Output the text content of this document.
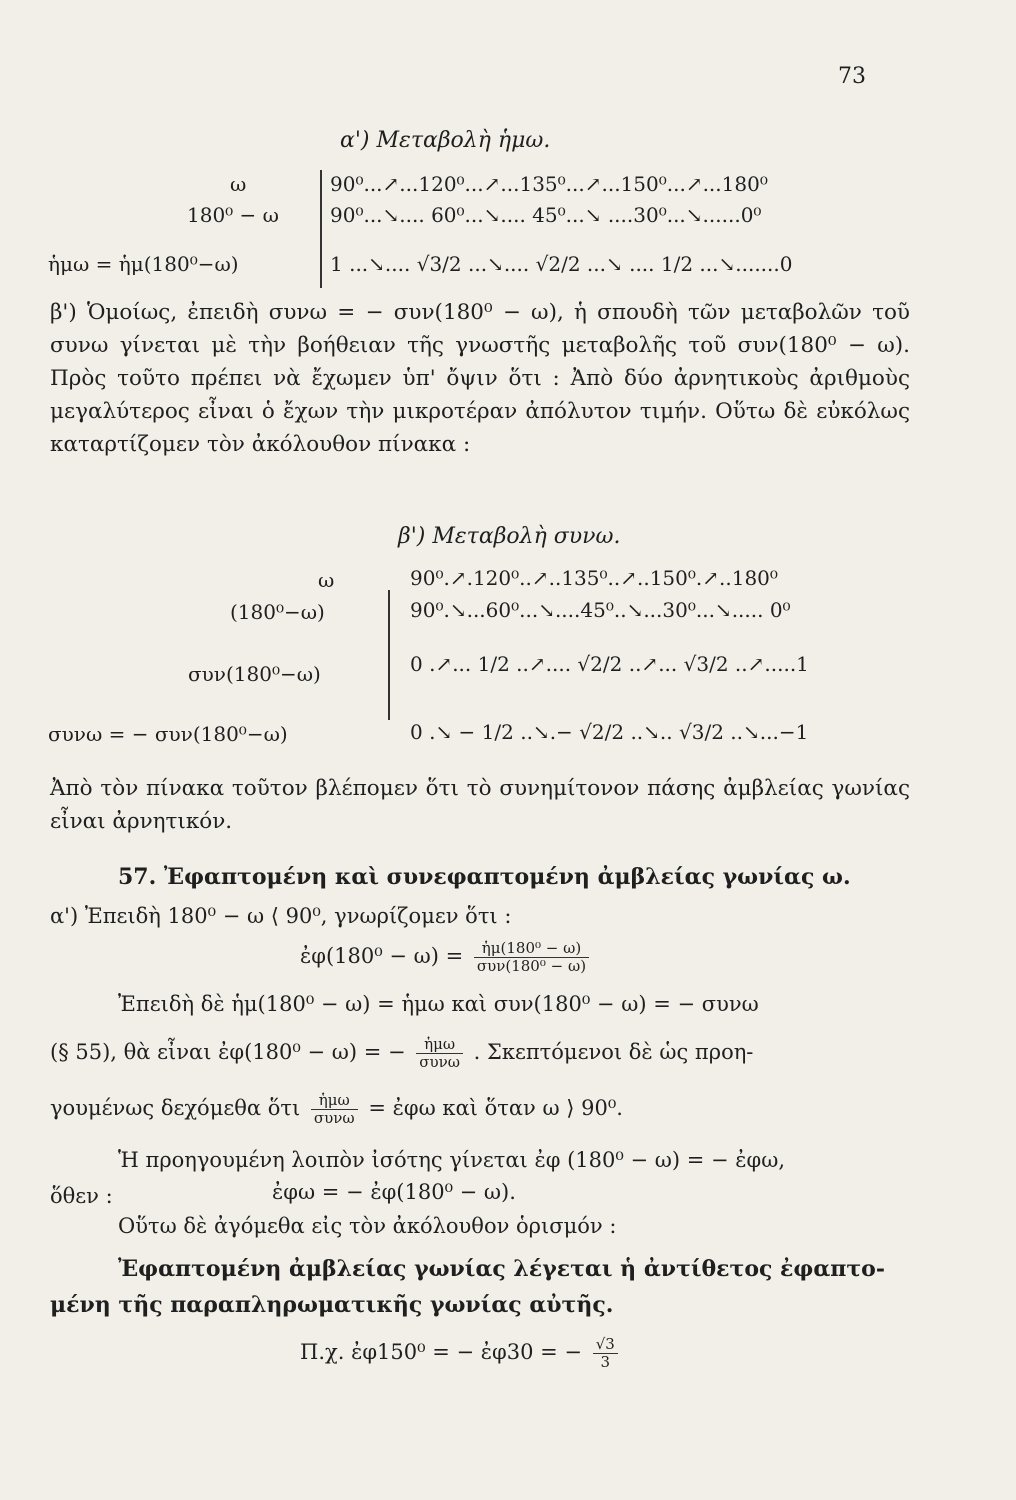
73
α') Μεταβολὴ ἡμω.
ω
180⁰ − ω
ἡμω = ἡμ(180⁰−ω)
90⁰...↗...120⁰...↗...135⁰...↗...150⁰...↗...180⁰
90⁰...↘.... 60⁰...↘.... 45⁰...↘ ....30⁰...↘......0⁰
1 ...↘.... √3/2 ...↘.... √2/2 ...↘ .... 1/2 ...↘.......0
β') Ὁμοίως, ἐπειδὴ συνω = − συν(180⁰ − ω), ἡ σπουδὴ τῶν μεταβολῶν τοῦ συνω γίνεται μὲ τὴν βοήθειαν τῆς γνωστῆς μεταβολῆς τοῦ συν(180⁰ − ω). Πρὸς τοῦτο πρέπει νὰ ἔχωμεν ὑπ' ὄψιν ὅτι : Ἀπὸ δύο ἀρνητικοὺς ἀριθμοὺς μεγαλύτερος εἶναι ὁ ἔχων τὴν μικροτέραν ἀπόλυτον τιμήν. Οὕτω δὲ εὐκόλως καταρτίζομεν τὸν ἀκόλουθον πίνακα :
β') Μεταβολὴ συνω.
ω
(180⁰−ω)
συν(180⁰−ω)
συνω = − συν(180⁰−ω)
90⁰.↗.120⁰..↗..135⁰..↗..150⁰.↗..180⁰
90⁰.↘...60⁰...↘....45⁰..↘...30⁰...↘..... 0⁰
0 .↗... 1/2 ..↗.... √2/2 ..↗... √3/2 ..↗.....1
0 .↘ − 1/2 ..↘.− √2/2 ..↘.. √3/2 ..↘...−1
Ἀπὸ τὸν πίνακα τοῦτον βλέπομεν ὅτι τὸ συνημίτονον πάσης ἀμβλείας γωνίας εἶναι ἀρνητικόν.
57. Ἐφαπτομένη καὶ συνεφαπτομένη ἀμβλείας γωνίας ω.
α') Ἐπειδὴ 180⁰ − ω ⟨ 90⁰, γνωρίζομεν ὅτι :
ἐφ(180⁰ − $\omega) = \frac{\text{ἡμ(180⁰ − ω)}}{\text{συν(180⁰ − ω)}}$
Ἐπειδὴ δὲ ἡμ(180⁰ − ω) = ἡμω καὶ συν(180⁰ − ω) = − συνω
(§ 55), θὰ εἶναι ἐφ(180⁰ − ω) = − $\frac{\text{ἡμω}}{\text{συνω}}$ . Σκεπτόμενοι δὲ ὡς προη-
γουμένως δεχόμεθα ὅτι $\frac{\text{ἡμω}}{\text{συνω}}$ = ἐφω καὶ ὅταν ω ⟩ 90⁰.
Ἡ προηγουμένη λοιπὸν ἰσότης γίνεται ἐφ (180⁰ − ω) = − ἐφω,
ὅθεν :	ἐφω = − ἐφ(180⁰ − ω).
Οὕτω δὲ ἀγόμεθα εἰς τὸν ἀκόλουθον ὁρισμόν :
Ἐφαπτομένη ἀμβλείας γωνίας λέγεται ἡ ἀντίθετος ἐφαπτο-
μένη τῆς παραπληρωματικῆς γωνίας αὐτῆς.
Π.χ. ἐφ150⁰ = − ἐφ30 = − $\frac{√3}{3}$
